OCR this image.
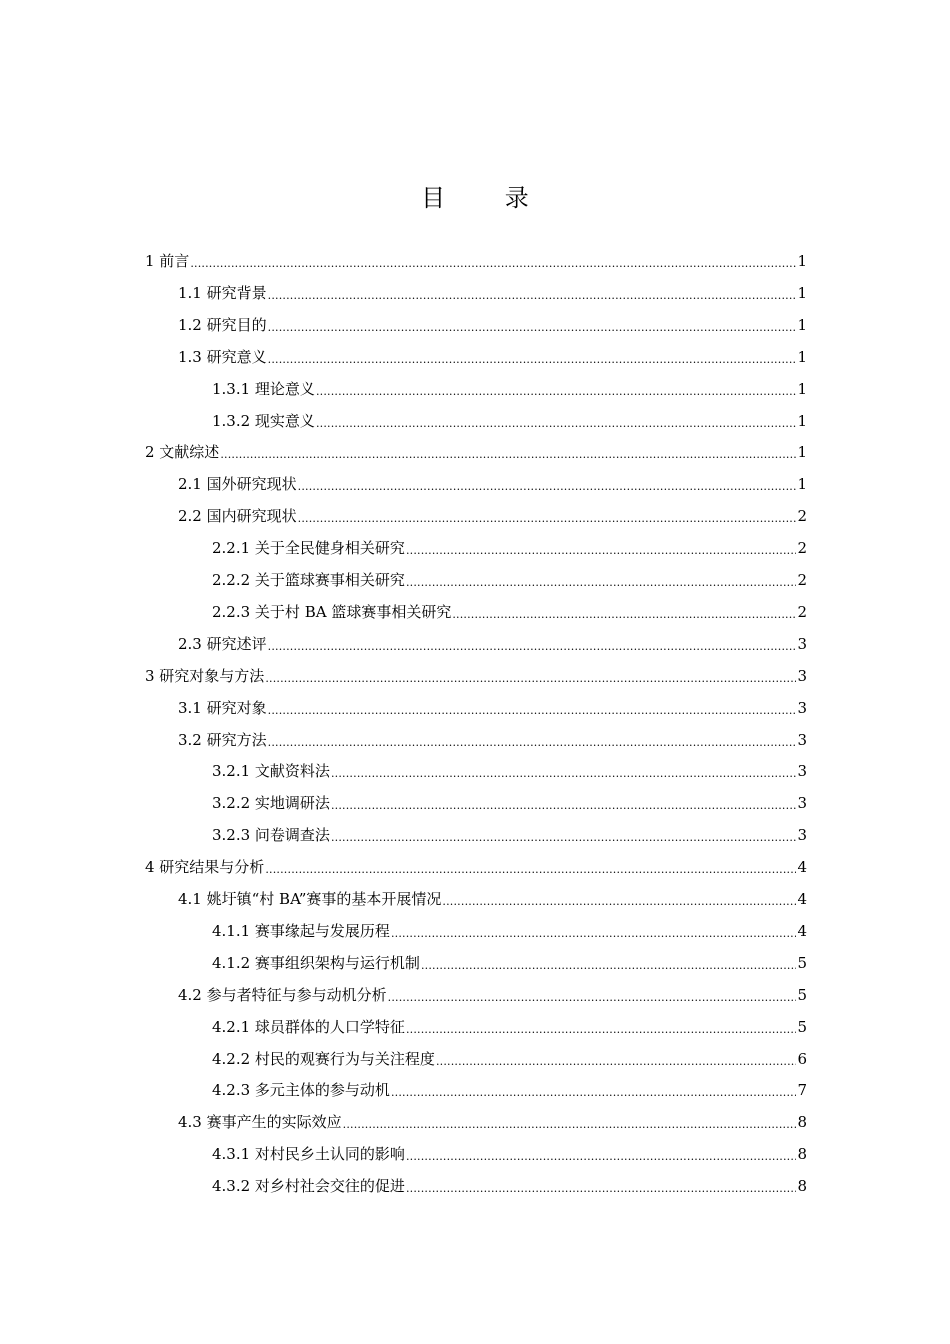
目 录
1 前言 .....	1
1.1 研究背景 .....	1
1.2 研究目的 .....	1
1.3 研究意义 .....	1
1.3.1 理论意义 .....	1
1.3.2 现实意义 .....	1
2 文献综述 .....	1
2.1 国外研究现状 .....	1
2.2 国内研究现状 .....	2
2.2.1 关于全民健身相关研究 .....	2
2.2.2 关于篮球赛事相关研究 .....	2
2.2.3 关于村 BA 篮球赛事相关研究 .....	2
2.3 研究述评 .....	3
3 研究对象与方法 .....	3
3.1 研究对象 .....	3
3.2 研究方法 .....	3
3.2.1 文献资料法 .....	3
3.2.2 实地调研法 .....	3
3.2.3 问卷调查法 .....	3
4 研究结果与分析 .....	4
4.1 姚圩镇“村 BA”赛事的基本开展情况 .....	4
4.1.1 赛事缘起与发展历程 .....	4
4.1.2 赛事组织架构与运行机制 .....	5
4.2 参与者特征与参与动机分析 .....	5
4.2.1 球员群体的人口学特征 .....	5
4.2.2 村民的观赛行为与关注程度 .....	6
4.2.3 多元主体的参与动机 .....	7
4.3 赛事产生的实际效应 .....	8
4.3.1 对村民乡土认同的影响 .....	8
4.3.2 对乡村社会交往的促进 .....	8
